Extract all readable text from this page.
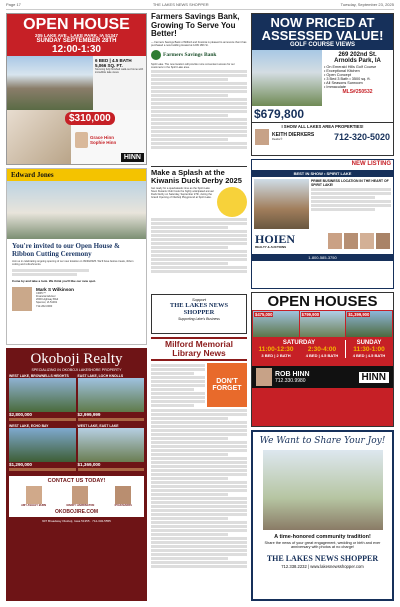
Page 17	THE LAKES NEWS SHOPPER	Tuesday, September 23, 2025
OPEN HOUSE
205 LAKE AVE., LAKE PARK, IA 51347
SUNDAY SEPTEMBER 28TH
12:00-1:30
6 BED | 4.5 BATH
5,066 SQ. FT.
Stunning fully finished walk-out home with incredible lake views
$310,000
Grace Hinn
Sophie Hinn
HINN
Edward Jones
You're invited to our Open House & Ribbon Cutting Ceremony
Join us in celebrating ongoing opening of our new location on 09/30/2025. We'll have festive treats, ribbon cutting and refreshments.
Come by and take a look. We think you'll like our new spot.
Mark S Wilkinson
CRPC™
Financial Advisor
2000 Highway Blvd
Spencer, IA 51301
712-262-0000
Okoboji Realty
SPECIALIZING IN OKOBOJI LAKESHORE PROPERTY
WEST LAKE, BROWNELLS HEIGHTS
$2,800,000
EAST LAKE, LOCH KNOLLS
$2,999,999
WEST LAKE, ECHO BAY
$1,290,000
WEST LAKE, EAST LAKE
$1,369,000
CONTACT US TODAY!
AMY ASHLEY BURN	MADDY HARRINGTON	RYAN MARRS
OKOBOJIRE.COM
907 Broadway Okoboji, Iowa 51355 · 712-332-5555
Farmers Savings Bank, Growing To Serve You Better!
— Farmers Savings Bank of Milford and Fostoria is pleased to announce that it has purchased a new building located at 1209 18th St.
Farmers Savings Bank
Spirit Lake. The new location will provide more convenient access for our customers in the Spirit Lake area.
Make a Splash at the Kiwanis Duck Derby 2025
Get ready for a quackatastic time as the Spirit Lake Noon Kiwanis Club hosts the highly anticipated annual Duck Derby on Saturday, September 27th, during the Grand Opening of Okoboji Playground at Spirit Lake.
Support
THE LAKES NEWS SHOPPER
Supporting Lake's Business
Milford Memorial Library News
DON'T FORGET
NOW PRICED AT
ASSESSED VALUE!
GOLF COURSE VIEWS
$679,800
269 202nd St.
Arnolds Park, IA
• On Emerald Hills Golf Course
• Exceptional Kitchen
• Open Concept
• 3 Bed 3 Bath • 3500 sq. ft.
• All Seasons Sunroom
• Immaculate
MLS#250532
I SHOW ALL LAKES AREA PROPERTIES!
KEITH DIERKERS
Realtor®	712-320-5020
NEW LISTING
BEST IN SHOW • SPIRIT LAKE
PRIME BUSINESS LOCATION IN THE HEART OF SPIRIT LAKE!
HOIEN
REALTY & AUCTIONS
1-800-585-3750
OPEN HOUSES
$475,000	$799,900	$1,399,900
SATURDAY
11:00-12:30	2:30-4:00
3 BED | 2 BATH	4 BED | 4.5 BATH
SUNDAY
11:30-1:00
4 BED | 4.5 BATH
ROB HINN
712.330.9980	HINN
We Want to Share Your Joy!
A time-honored community tradition!
Share the news of your great engagement, wedding or birth and ever anniversary with photos at no charge!
THE LAKES NEWS SHOPPER
712.338.2232 | www.lakesnewsshopper.com
